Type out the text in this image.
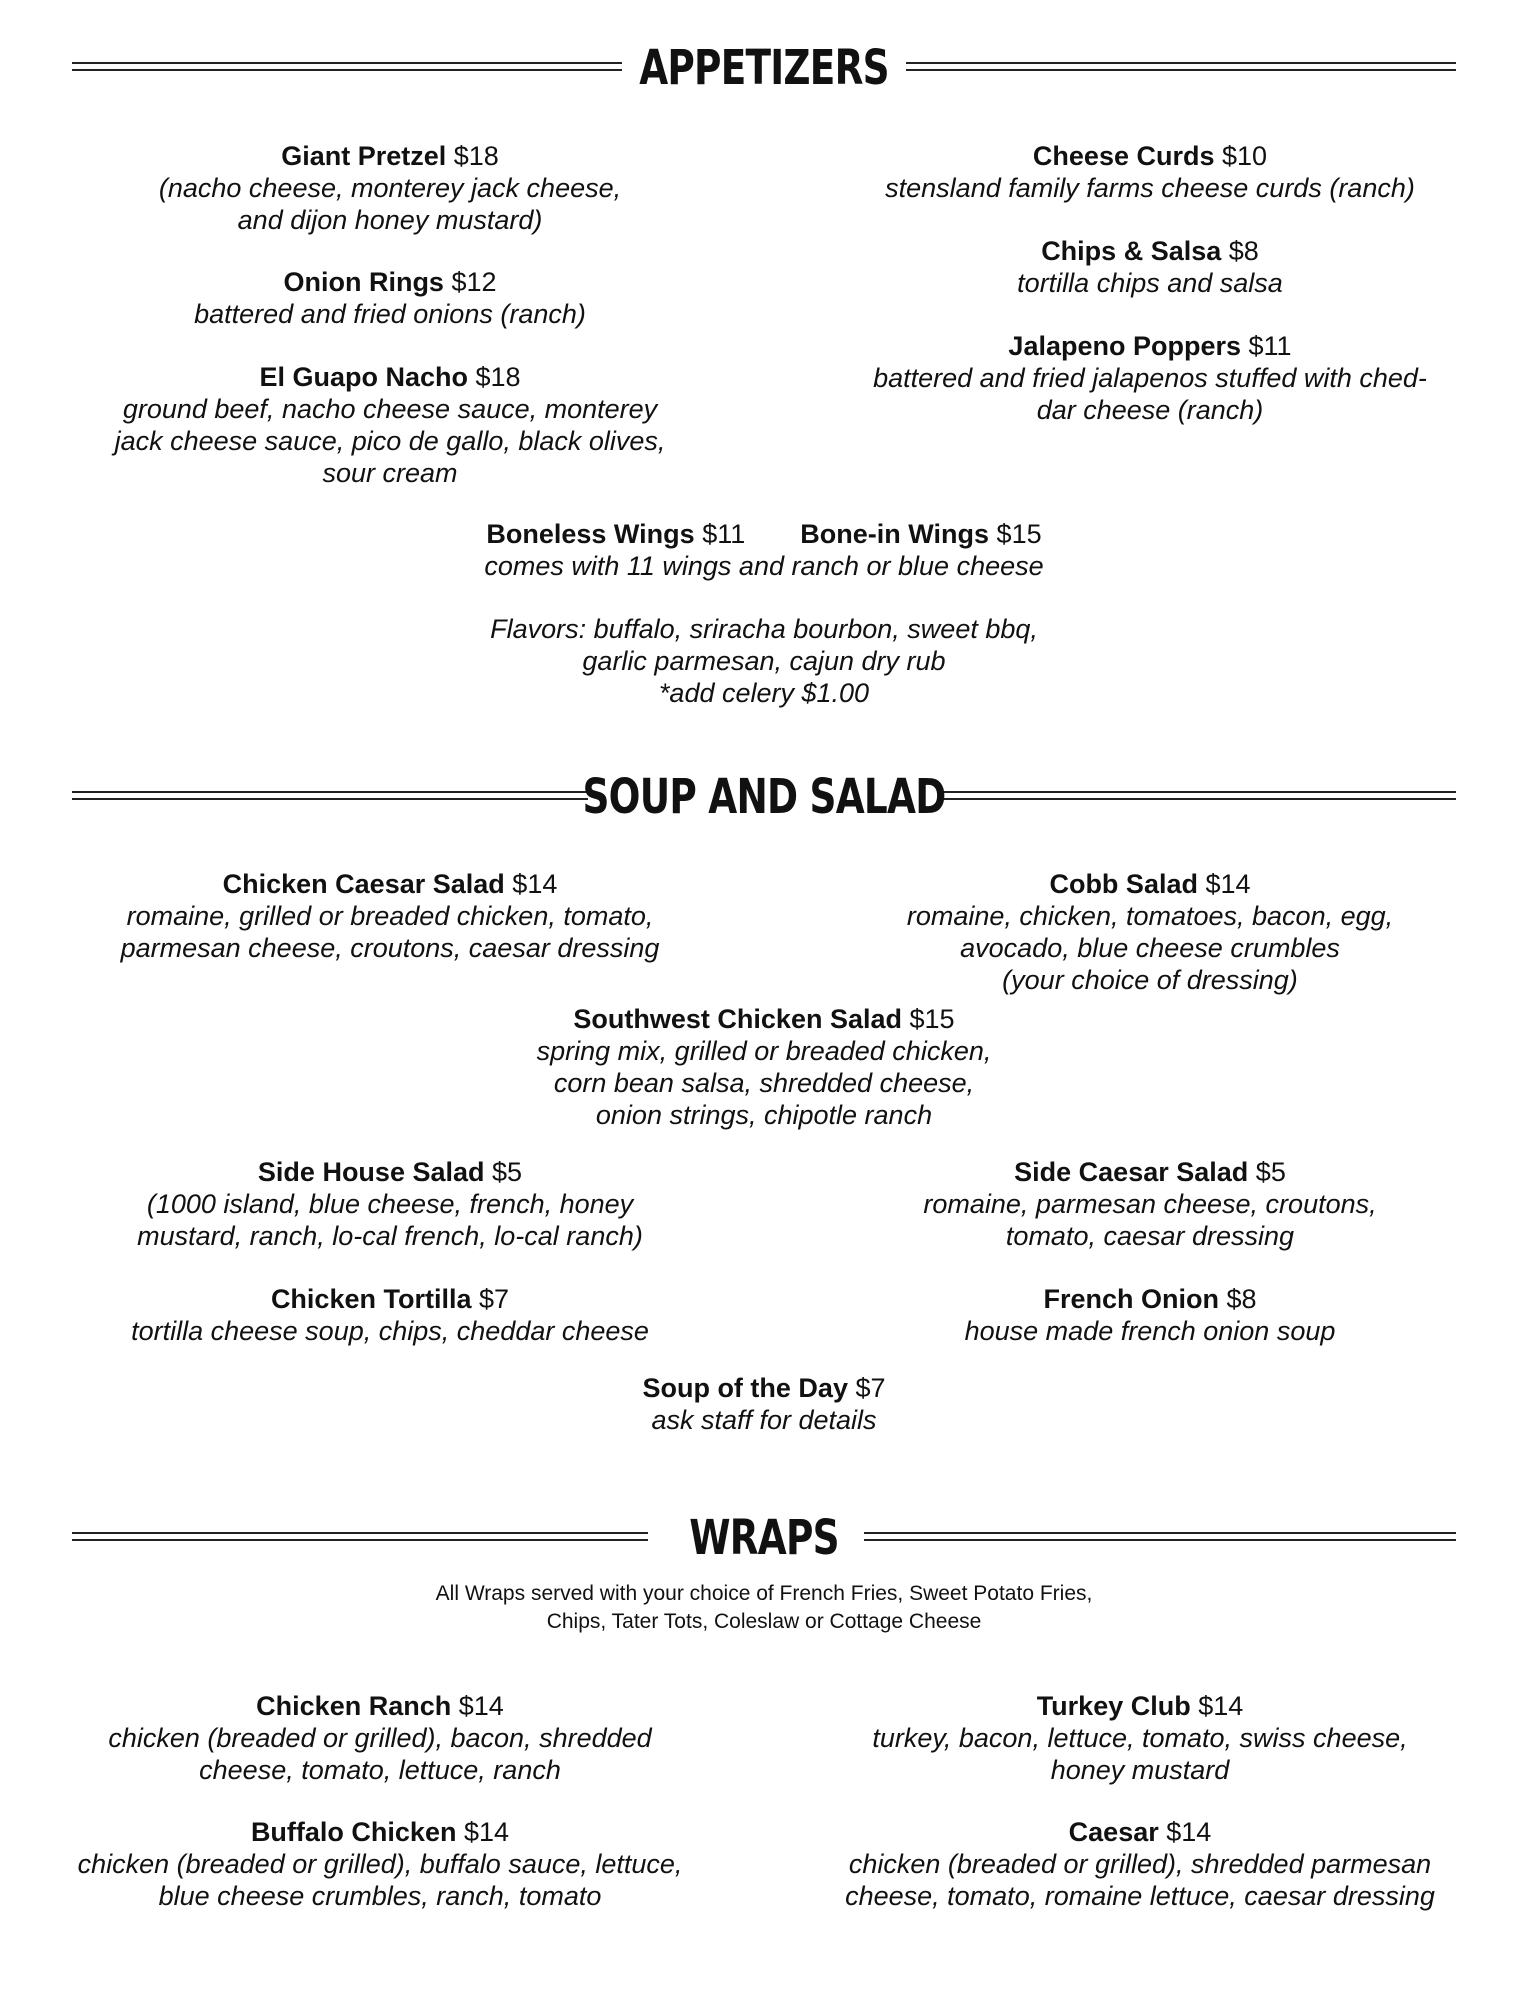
APPETIZERS
Giant Pretzel $18
(nacho cheese, monterey jack cheese,
and dijon honey mustard)
Onion Rings $12
battered and fried onions (ranch)
El Guapo Nacho $18
ground beef, nacho cheese sauce, monterey
jack cheese sauce, pico de gallo, black olives,
sour cream
Cheese Curds $10
stensland family farms cheese curds (ranch)
Chips & Salsa $8
tortilla chips and salsa
Jalapeno Poppers $11
battered and fried jalapenos stuffed with ched-
dar cheese (ranch)
Boneless Wings $11 Bone-in Wings $15
comes with 11 wings and ranch or blue cheese
Flavors: buffalo, sriracha bourbon, sweet bbq,
garlic parmesan, cajun dry rub
*add celery $1.00
SOUP AND SALAD
Chicken Caesar Salad $14
romaine, grilled or breaded chicken, tomato,
parmesan cheese, croutons, caesar dressing
Cobb Salad $14
romaine, chicken, tomatoes, bacon, egg,
avocado, blue cheese crumbles
(your choice of dressing)
Southwest Chicken Salad $15
spring mix, grilled or breaded chicken,
corn bean salsa, shredded cheese,
onion strings, chipotle ranch
Side House Salad $5
(1000 island, blue cheese, french, honey
mustard, ranch, lo-cal french, lo-cal ranch)
Side Caesar Salad $5
romaine, parmesan cheese, croutons,
tomato, caesar dressing
Chicken Tortilla $7
tortilla cheese soup, chips, cheddar cheese
French Onion $8
house made french onion soup
Soup of the Day $7
ask staff for details
WRAPS
All Wraps served with your choice of French Fries, Sweet Potato Fries,
Chips, Tater Tots, Coleslaw or Cottage Cheese
Chicken Ranch $14
chicken (breaded or grilled), bacon, shredded
cheese, tomato, lettuce, ranch
Turkey Club $14
turkey, bacon, lettuce, tomato, swiss cheese,
honey mustard
Buffalo Chicken $14
chicken (breaded or grilled), buffalo sauce, lettuce,
blue cheese crumbles, ranch, tomato
Caesar $14
chicken (breaded or grilled), shredded parmesan
cheese, tomato, romaine lettuce, caesar dressing
